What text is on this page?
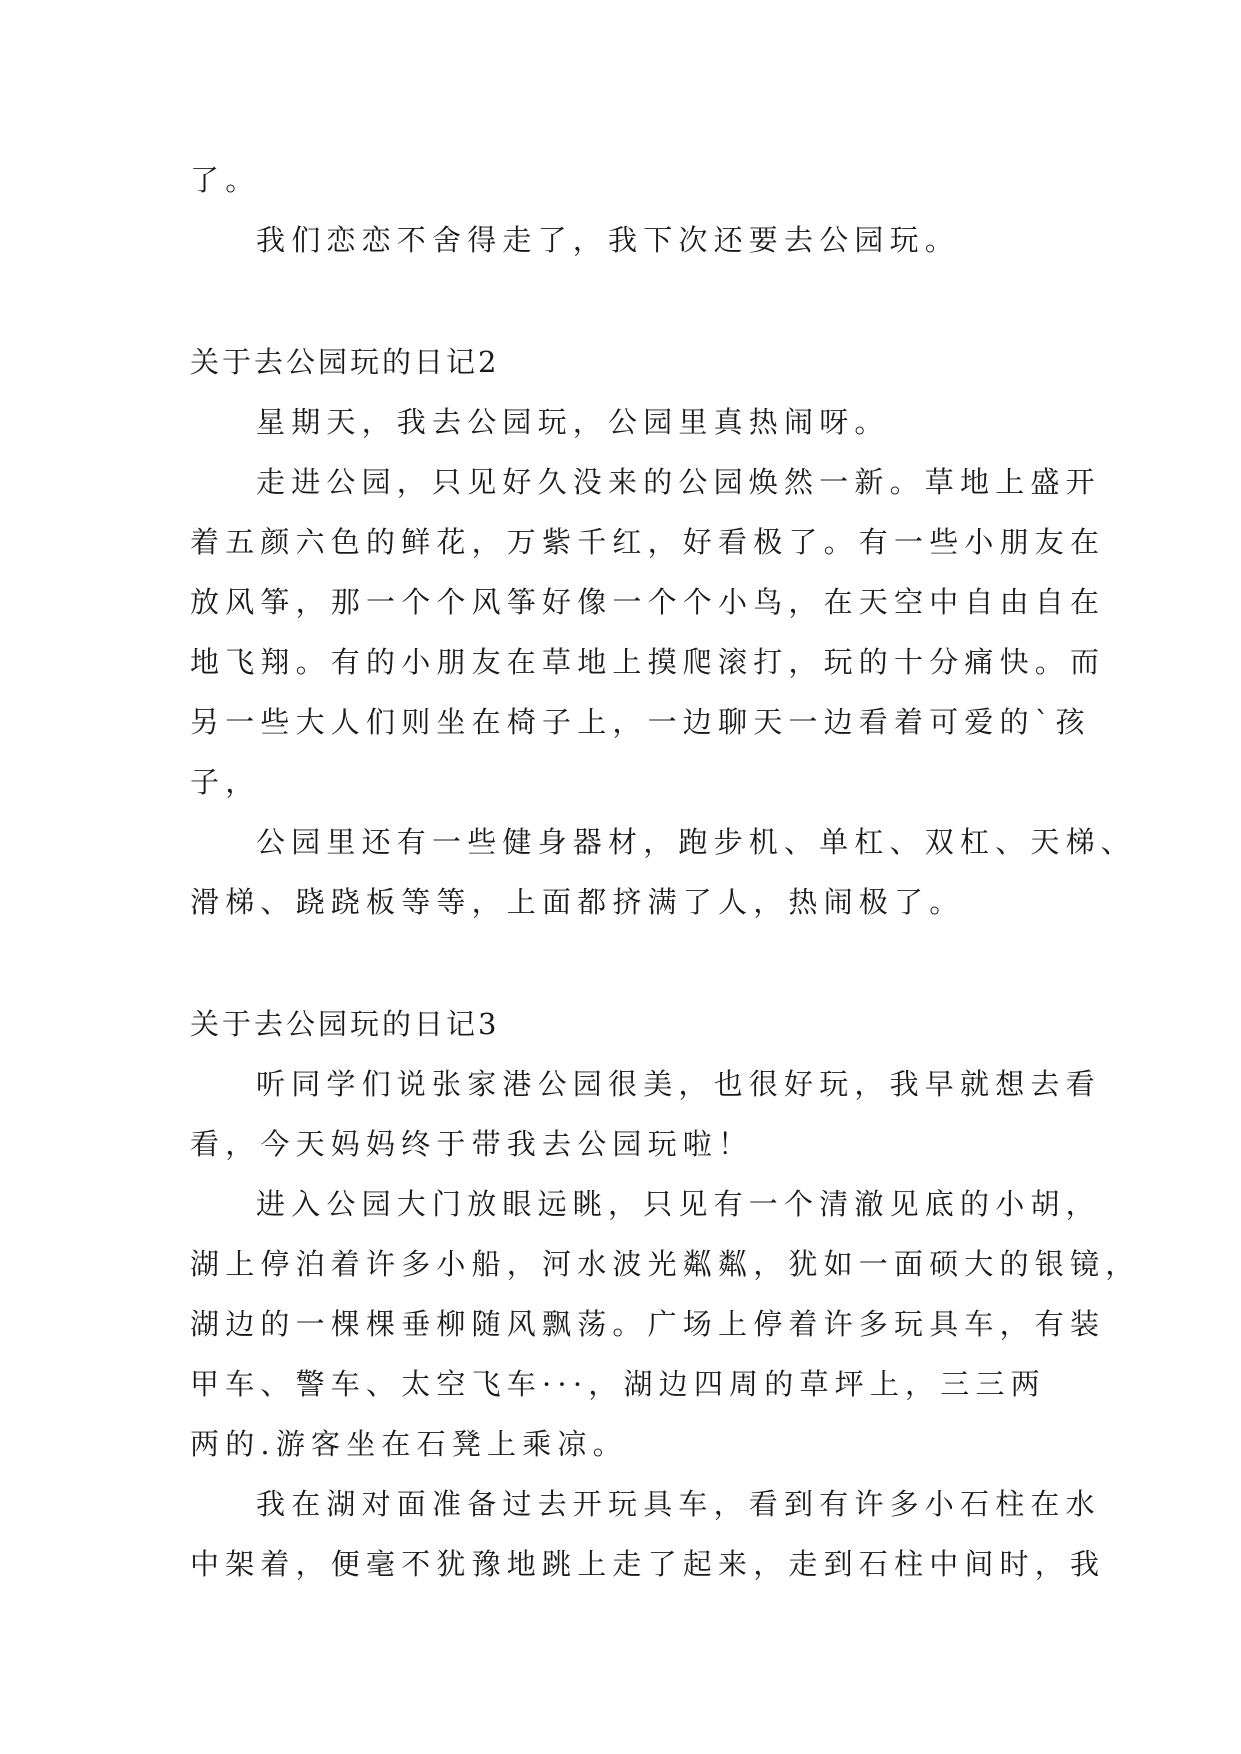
了。
我们恋恋不舍得走了，我下次还要去公园玩。
关于去公园玩的日记2
星期天，我去公园玩，公园里真热闹呀。
走进公园，只见好久没来的公园焕然一新。草地上盛开
着五颜六色的鲜花，万紫千红，好看极了。有一些小朋友在
放风筝，那一个个风筝好像一个个小鸟，在天空中自由自在
地飞翔。有的小朋友在草地上摸爬滚打，玩的十分痛快。而
另一些大人们则坐在椅子上，一边聊天一边看着可爱的`孩
子，
公园里还有一些健身器材，跑步机、单杠、双杠、天梯、
滑梯、跷跷板等等，上面都挤满了人，热闹极了。
关于去公园玩的日记3
听同学们说张家港公园很美，也很好玩，我早就想去看
看，今天妈妈终于带我去公园玩啦！
进入公园大门放眼远眺，只见有一个清澈见底的小胡，
湖上停泊着许多小船，河水波光粼粼，犹如一面硕大的银镜，
湖边的一棵棵垂柳随风飘荡。广场上停着许多玩具车，有装
甲车、警车、太空飞车···，湖边四周的草坪上，三三两
两的.游客坐在石凳上乘凉。
我在湖对面准备过去开玩具车，看到有许多小石柱在水
中架着，便毫不犹豫地跳上走了起来，走到石柱中间时，我
